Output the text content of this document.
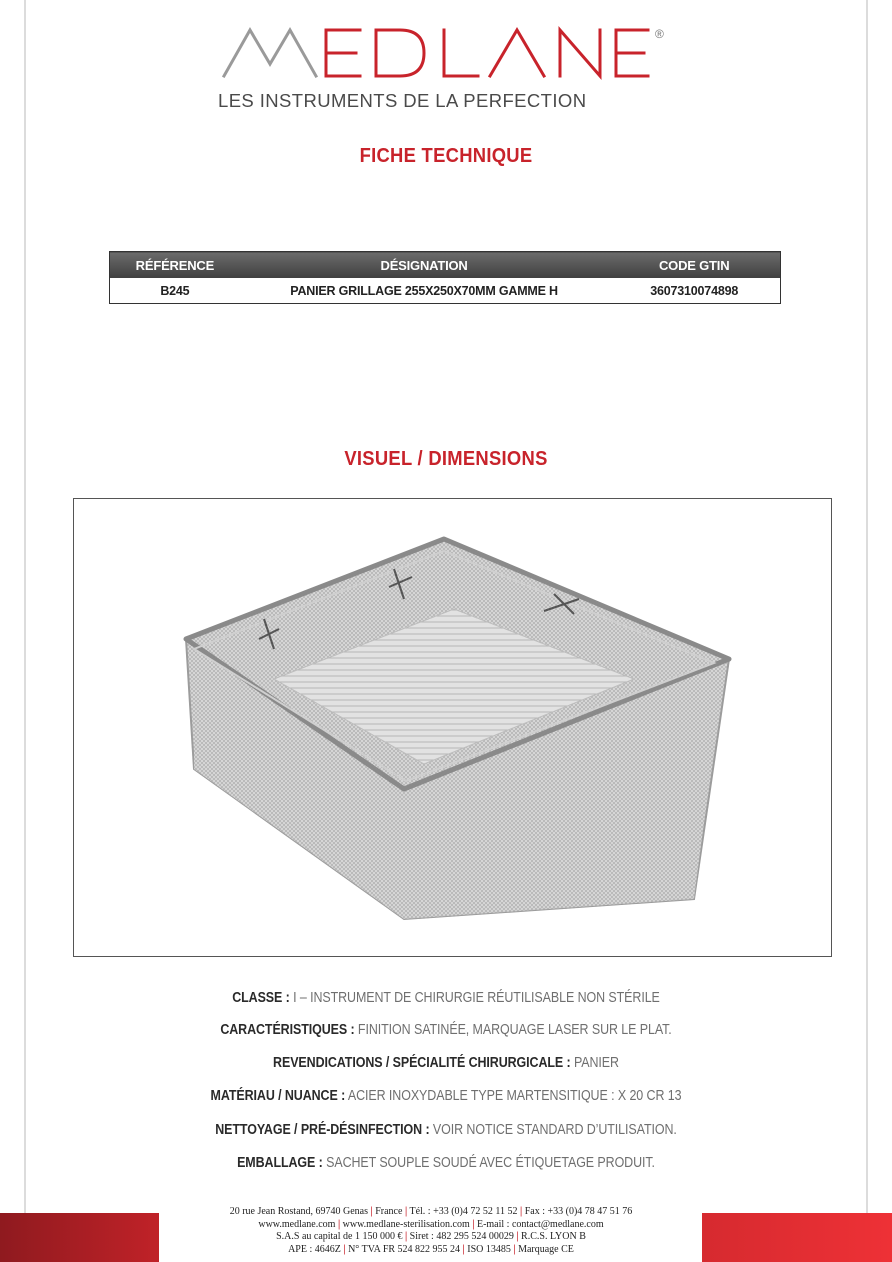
®
LES INSTRUMENTS DE LA PERFECTION
FICHE TECHNIQUE
RÉFÉRENCE	DÉSIGNATION	CODE GTIN
B245	PANIER GRILLAGE 255X250X70MM GAMME H	3607310074898
VISUEL / DIMENSIONS
CLASSE : I – INSTRUMENT DE CHIRURGIE RÉUTILISABLE NON STÉRILE
CARACTÉRISTIQUES : FINITION SATINÉE, MARQUAGE LASER SUR LE PLAT.
REVENDICATIONS / SPÉCIALITÉ CHIRURGICALE : PANIER
MATÉRIAU / NUANCE : ACIER INOXYDABLE TYPE MARTENSITIQUE : X 20 CR 13
NETTOYAGE / PRÉ-DÉSINFECTION : VOIR NOTICE STANDARD D’UTILISATION.
EMBALLAGE : SACHET SOUPLE SOUDÉ AVEC ÉTIQUETAGE PRODUIT.
20 rue Jean Rostand, 69740 Genas | France | Tél. : +33 (0)4 72 52 11 52 | Fax : +33 (0)4 78 47 51 76
www.medlane.com | www.medlane-sterilisation.com | E-mail : contact@medlane.com
S.A.S au capital de 1 150 000 € | Siret : 482 295 524 00029 | R.C.S. LYON B
APE : 4646Z | N° TVA FR 524 822 955 24 | ISO 13485 | Marquage CE
